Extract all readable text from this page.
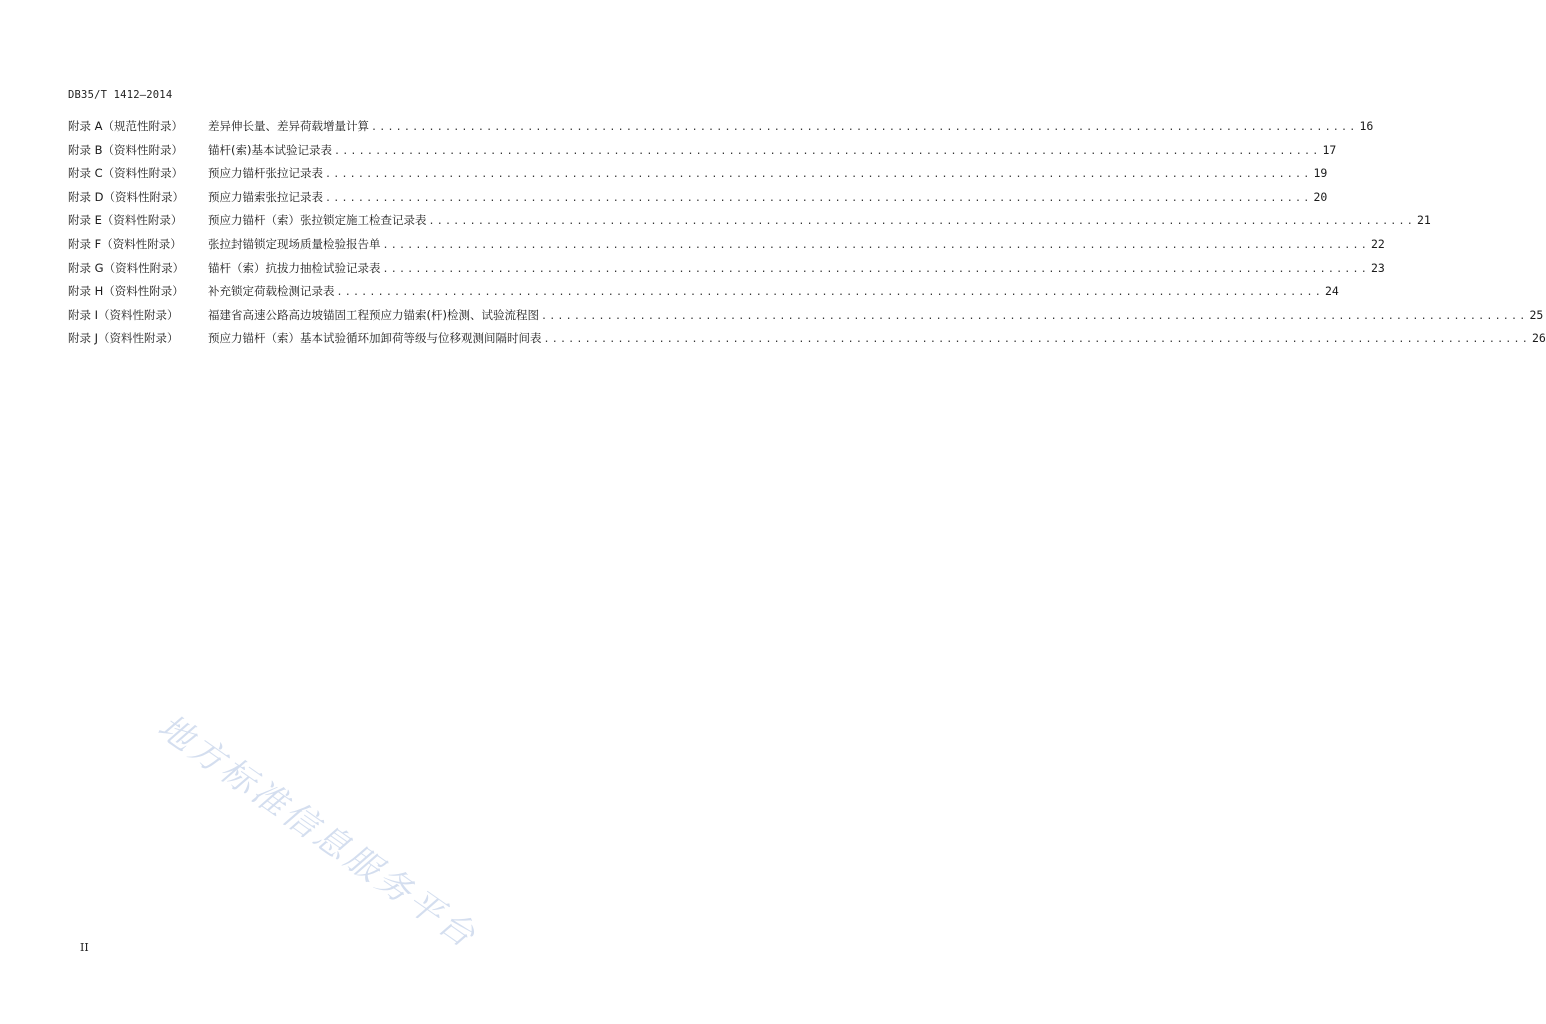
DB35/T 1412—2014
附录 A（规范性附录）	差异伸长量、差异荷载增量计算 ........................................................................................................................ 16
附录 B（资料性附录）	锚杆(索)基本试验记录表 ........................................................................................................................ 17
附录 C（资料性附录）	预应力锚杆张拉记录表 ........................................................................................................................ 19
附录 D（资料性附录）	预应力锚索张拉记录表 ........................................................................................................................ 20
附录 E（资料性附录）	预应力锚杆（索）张拉锁定施工检查记录表 ........................................................................................................................ 21
附录 F（资料性附录）	张拉封锚锁定现场质量检验报告单 ........................................................................................................................ 22
附录 G（资料性附录）	锚杆（索）抗拔力抽检试验记录表 ........................................................................................................................ 23
附录 H（资料性附录）	补充锁定荷载检测记录表 ........................................................................................................................ 24
附录 I（资料性附录）	福建省高速公路高边坡锚固工程预应力锚索(杆)检测、试验流程图 ........................................................................................................................ 25
附录 J（资料性附录）	预应力锚杆（索）基本试验循环加卸荷等级与位移观测间隔时间表 ........................................................................................................................ 26
地方标准信息服务平台
II
